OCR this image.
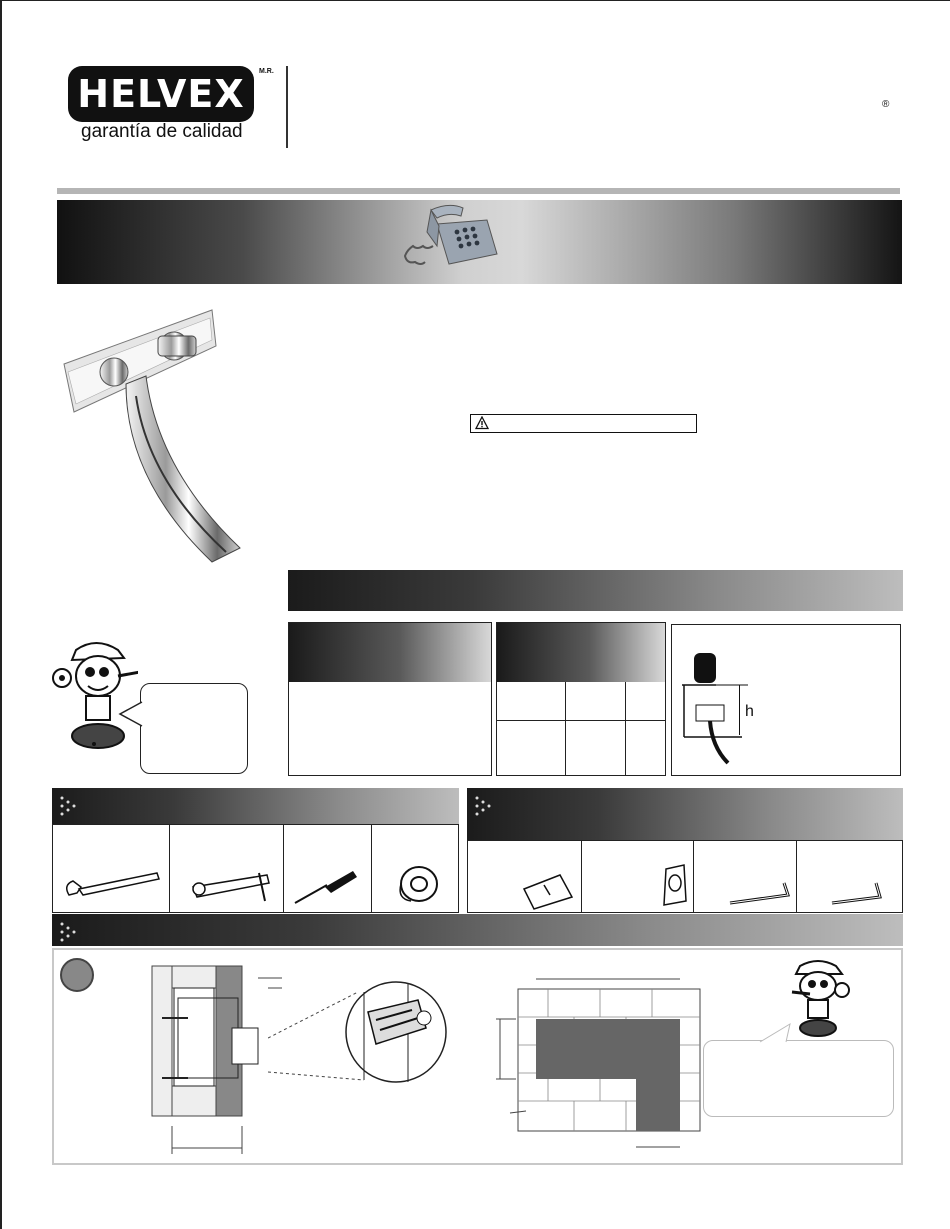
HELVEX
M.R.
garantía de calidad
®
h
